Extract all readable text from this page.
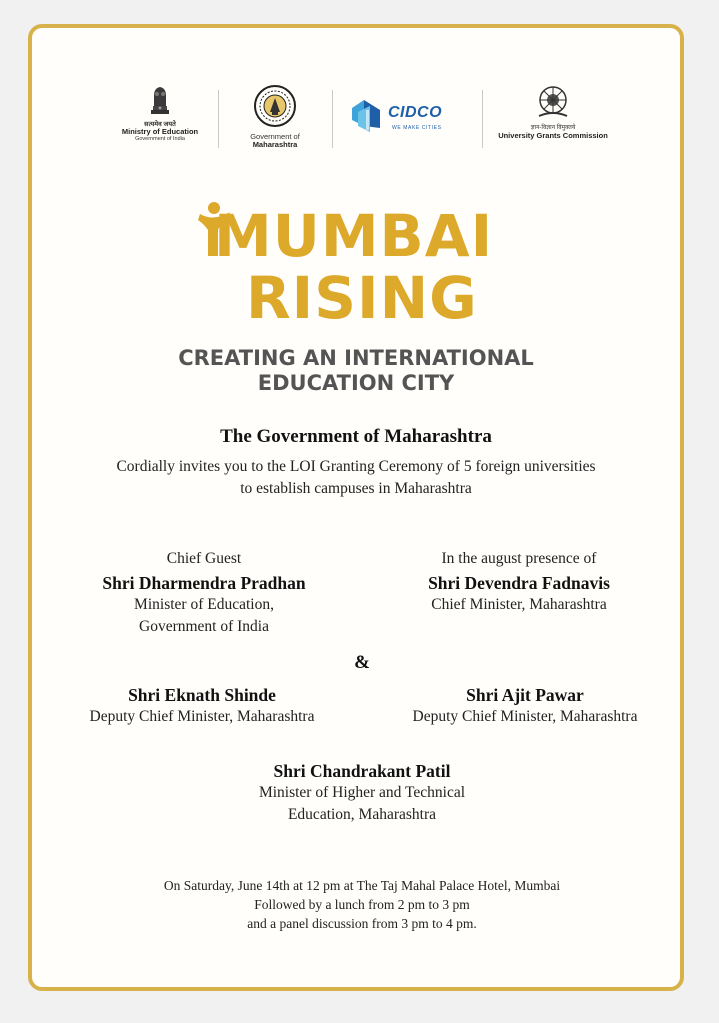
सत्यमेव जयते
Ministry of Education
Government of India	Government of
Maharashtra
CIDCO
WE MAKE CITIES	ज्ञान-विज्ञान विमुक्तये
University Grants Commission
MUMBAI
RISING
CREATING AN INTERNATIONAL
EDUCATION CITY
The Government of Maharashtra
Cordially invites you to the LOI Granting Ceremony of 5 foreign universities
to establish campuses in Maharashtra
Chief Guest
Shri Dharmendra Pradhan
Minister of Education,
Government of India
In the august presence of
Shri Devendra Fadnavis
Chief Minister, Maharashtra
&
Shri Eknath Shinde
Deputy Chief Minister, Maharashtra
Shri Ajit Pawar
Deputy Chief Minister, Maharashtra
Shri Chandrakant Patil
Minister of Higher and Technical
Education, Maharashtra
On Saturday, June 14th at 12 pm at The Taj Mahal Palace Hotel, Mumbai
Followed by a lunch from 2 pm to 3 pm
and a panel discussion from 3 pm to 4 pm.
